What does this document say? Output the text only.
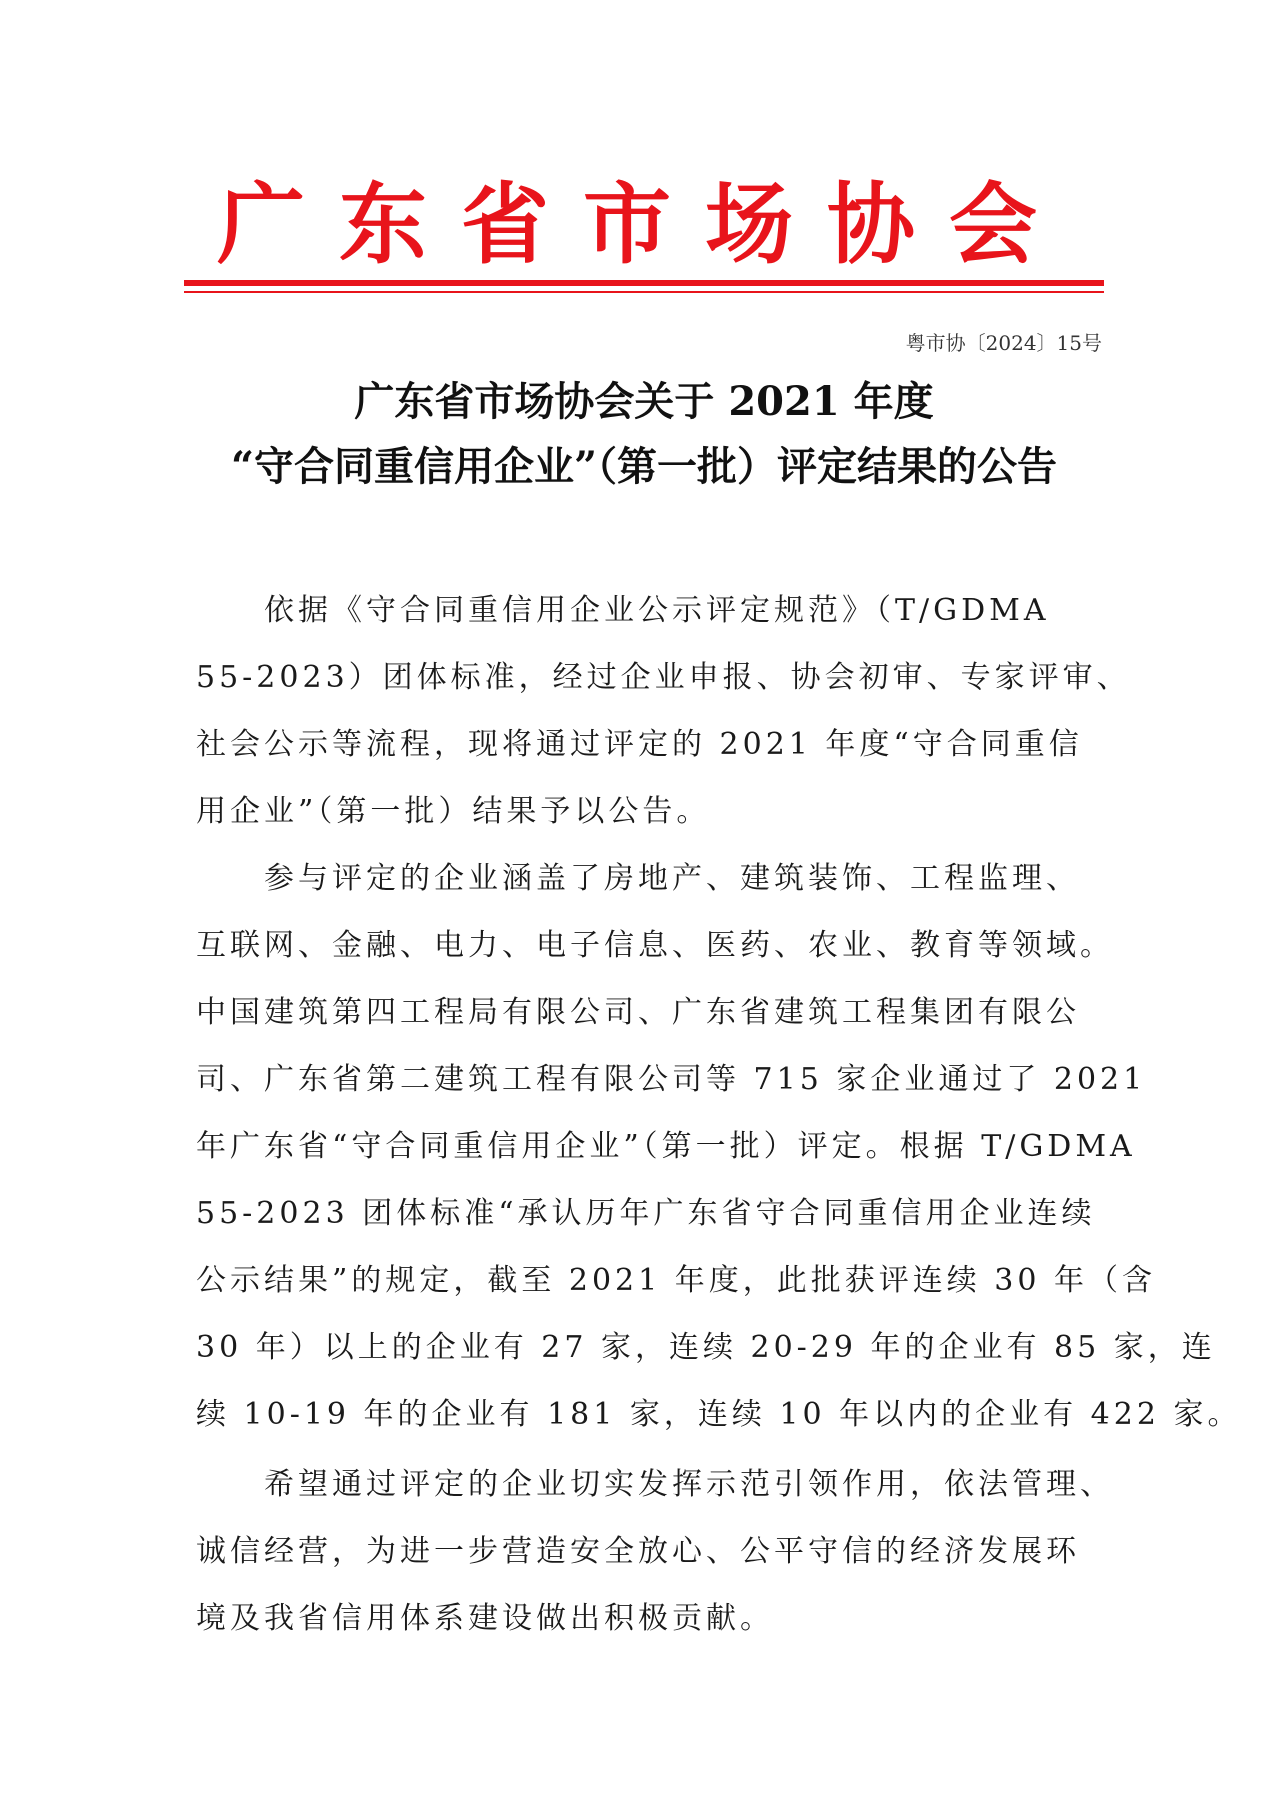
广东省市场协会
粤市协〔2024〕15号
广东省市场协会关于 2021 年度
“守合同重信用企业”（第一批）评定结果的公告
依据《守合同重信用企业公示评定规范》（T/GDMA
55-2023）团体标准，经过企业申报、协会初审、专家评审、
社会公示等流程，现将通过评定的 2021 年度“守合同重信
用企业”（第一批）结果予以公告。
参与评定的企业涵盖了房地产、建筑装饰、工程监理、
互联网、金融、电力、电子信息、医药、农业、教育等领域。
中国建筑第四工程局有限公司、广东省建筑工程集团有限公
司、广东省第二建筑工程有限公司等 715 家企业通过了 2021
年广东省“守合同重信用企业”（第一批）评定。根据 T/GDMA
55-2023 团体标准“承认历年广东省守合同重信用企业连续
公示结果”的规定，截至 2021 年度，此批获评连续 30 年（含
30 年）以上的企业有 27 家，连续 20-29 年的企业有 85 家，连
续 10-19 年的企业有 181 家，连续 10 年以内的企业有 422 家。
希望通过评定的企业切实发挥示范引领作用，依法管理、
诚信经营，为进一步营造安全放心、公平守信的经济发展环
境及我省信用体系建设做出积极贡献。
